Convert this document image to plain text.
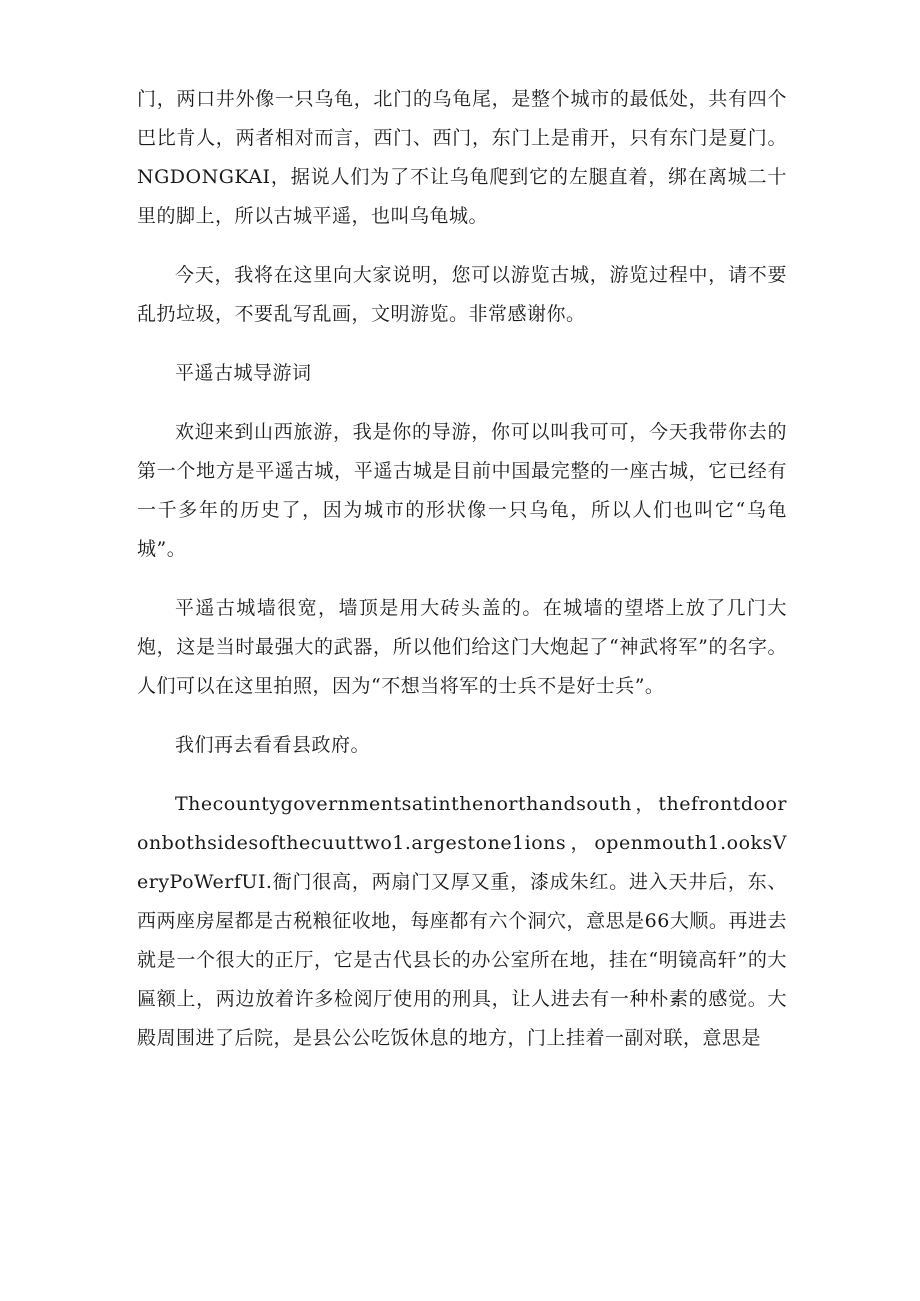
门，两口井外像一只乌龟，北门的乌龟尾，是整个城市的最低处，共有四个巴比肯人，两者相对而言，西门、西门，东门上是甫开，只有东门是夏门。NGDONGKAI，据说人们为了不让乌龟爬到它的左腿直着，绑在离城二十里的脚上，所以古城平遥，也叫乌龟城。

今天，我将在这里向大家说明，您可以游览古城，游览过程中，请不要乱扔垃圾，不要乱写乱画，文明游览。非常感谢你。

平遥古城导游词

欢迎来到山西旅游，我是你的导游，你可以叫我可可，今天我带你去的第一个地方是平遥古城，平遥古城是目前中国最完整的一座古城，它已经有一千多年的历史了，因为城市的形状像一只乌龟，所以人们也叫它“乌龟城”。

平遥古城墙很宽，墙顶是用大砖头盖的。在城墙的望塔上放了几门大炮，这是当时最强大的武器，所以他们给这门大炮起了“神武将军”的名字。人们可以在这里拍照，因为“不想当将军的士兵不是好士兵”。

我们再去看看县政府。

Thecountygovernmentsatinthenorthandsouth，thefrontdooronbothsidesofthecuuttwo1.argestone1ions，openmouth1.ooksVeryPoWerfUI.衙门很高，两扇门又厚又重，漆成朱红。进入天井后，东、西两座房屋都是古税粮征收地，每座都有六个洞穴，意思是66大顺。再进去就是一个很大的正厅，它是古代县长的办公室所在地，挂在“明镜高轩”的大匾额上，两边放着许多检阅厅使用的刑具，让人进去有一种朴素的感觉。大殿周围进了后院，是县公公吃饭休息的地方，门上挂着一副对联，意思是
